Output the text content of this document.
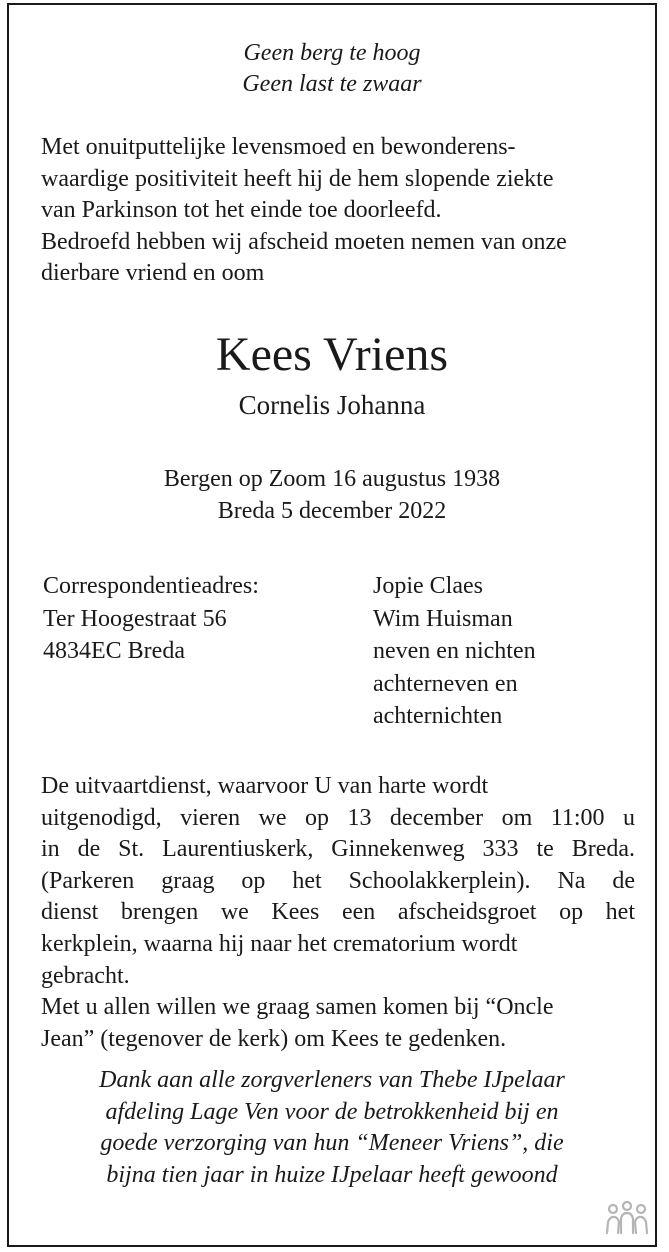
Geen berg te hoog
Geen last te zwaar
Met onuitputtelijke levensmoed en bewonderens-
waardige positiviteit heeft hij de hem slopende ziekte
van Parkinson tot het einde toe doorleefd.
Bedroefd hebben wij afscheid moeten nemen van onze
dierbare vriend en oom
Kees Vriens
Cornelis Johanna
Bergen op Zoom 16 augustus 1938
Breda 5 december 2022
Correspondentieadres:
Ter Hoogestraat 56
4834EC Breda
Jopie Claes
Wim Huisman
neven en nichten
achterneven en
achternichten
De uitvaartdienst, waarvoor U van harte wordt
uitgenodigd, vieren we op 13 december om 11:00 u
in de St. Laurentiuskerk, Ginnekenweg 333 te Breda.
(Parkeren graag op het Schoolakkerplein). Na de
dienst brengen we Kees een afscheidsgroet op het
kerkplein, waarna hij naar het crematorium wordt
gebracht.
Met u allen willen we graag samen komen bij “Oncle
Jean” (tegenover de kerk) om Kees te gedenken.
Dank aan alle zorgverleners van Thebe IJpelaar
afdeling Lage Ven voor de betrokkenheid bij en
goede verzorging van hun “Meneer Vriens”, die
bijna tien jaar in huize IJpelaar heeft gewoond
